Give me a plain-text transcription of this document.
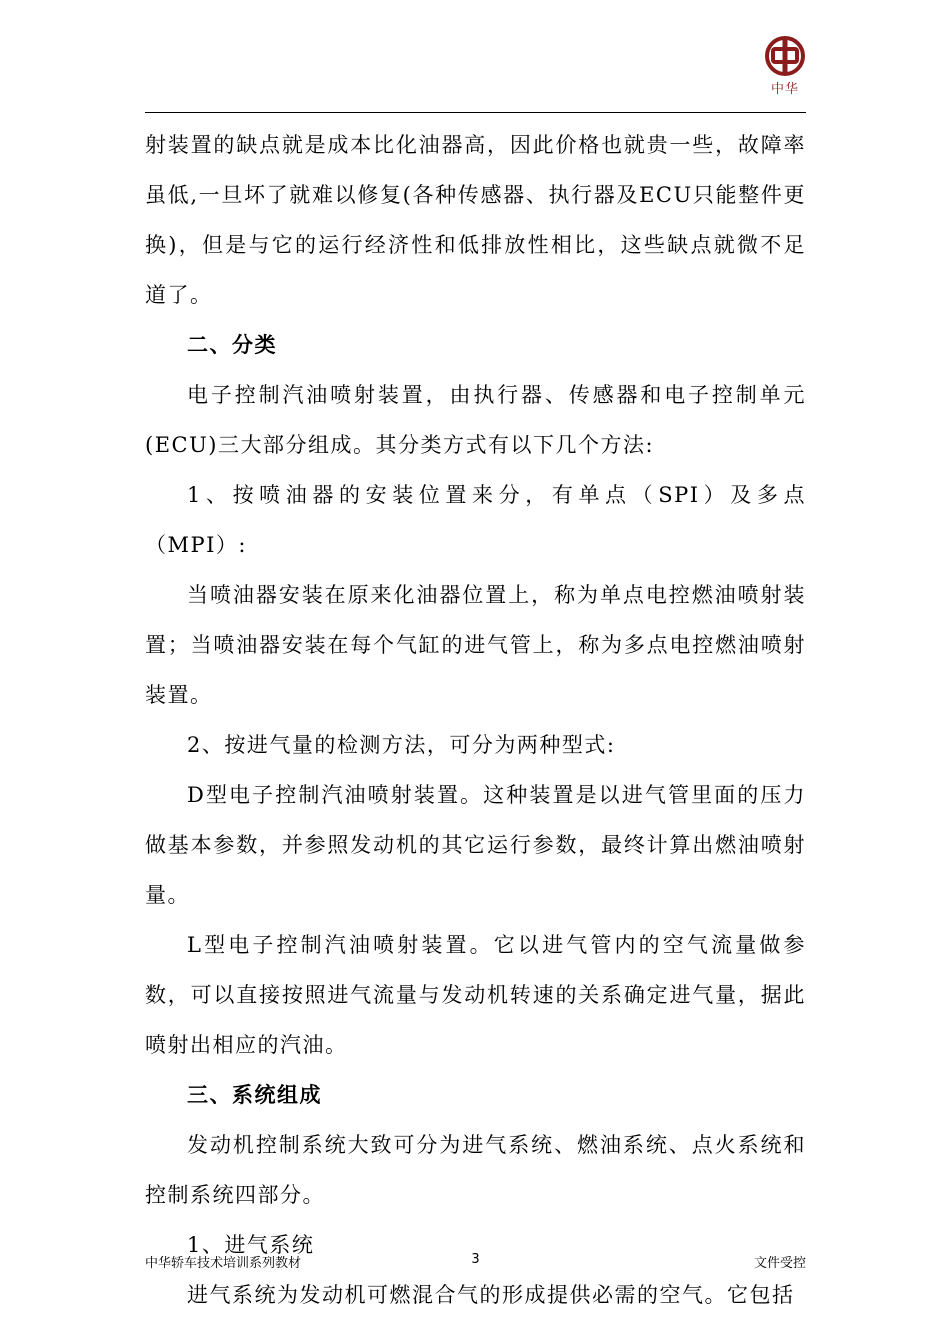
中华

射装置的缺点就是成本比化油器高，因此价格也就贵一些，故障率虽低,一旦坏了就难以修复(各种传感器、执行器及ECU只能整件更换)，但是与它的运行经济性和低排放性相比，这些缺点就微不足道了。

二、分类

电子控制汽油喷射装置，由执行器、传感器和电子控制单元(ECU)三大部分组成。其分类方式有以下几个方法:

1、按喷油器的安装位置来分，有单点（SPI）及多点（MPI）:

当喷油器安装在原来化油器位置上，称为单点电控燃油喷射装置；当喷油器安装在每个气缸的进气管上，称为多点电控燃油喷射装置。

2、按进气量的检测方法，可分为两种型式:

D型电子控制汽油喷射装置。这种装置是以进气管里面的压力做基本参数，并参照发动机的其它运行参数，最终计算出燃油喷射量。

L型电子控制汽油喷射装置。它以进气管内的空气流量做参数，可以直接按照进气流量与发动机转速的关系确定进气量，据此喷射出相应的汽油。

三、系统组成

发动机控制系统大致可分为进气系统、燃油系统、点火系统和控制系统四部分。

1、进气系统

进气系统为发动机可燃混合气的形成提供必需的空气。它包括

中华轿车技术培训系列教材	3	文件受控
